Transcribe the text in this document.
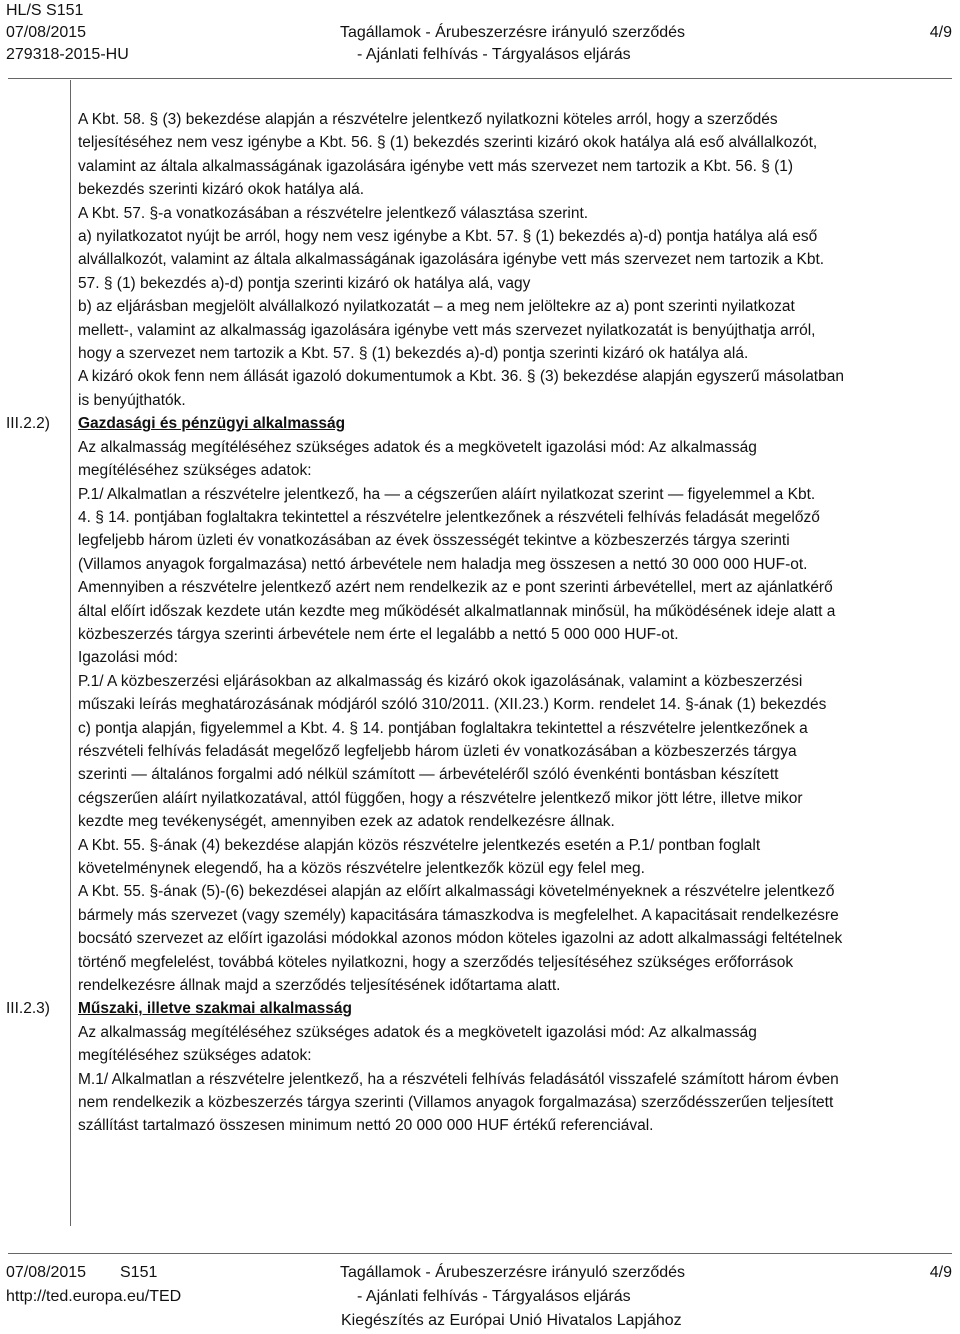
HL/S S151
07/08/2015
279318-2015-HU
Tagállamok - Árubeszerzésre irányuló szerződés
- Ajánlati felhívás - Tárgyalásos eljárás
4/9
III.2.2)
III.2.3)

A Kbt. 58. § (3) bekezdése alapján a részvételre jelentkező nyilatkozni köteles arról, hogy a szerződés

teljesítéséhez nem vesz igénybe a Kbt. 56. § (1) bekezdés szerinti kizáró okok hatálya alá eső alvállalkozót,

valamint az általa alkalmasságának igazolására igénybe vett más szervezet nem tartozik a Kbt. 56. § (1)

bekezdés szerinti kizáró okok hatálya alá.

A Kbt. 57. §-a vonatkozásában a részvételre jelentkező választása szerint.

a) nyilatkozatot nyújt be arról, hogy nem vesz igénybe a Kbt. 57. § (1) bekezdés a)-d) pontja hatálya alá eső

alvállalkozót, valamint az általa alkalmasságának igazolására igénybe vett más szervezet nem tartozik a Kbt.

57. § (1) bekezdés a)-d) pontja szerinti kizáró ok hatálya alá, vagy

b) az eljárásban megjelölt alvállalkozó nyilatkozatát – a meg nem jelöltekre az a) pont szerinti nyilatkozat

mellett-, valamint az alkalmasság igazolására igénybe vett más szervezet nyilatkozatát is benyújthatja arról,

hogy a szervezet nem tartozik a Kbt. 57. § (1) bekezdés a)-d) pontja szerinti kizáró ok hatálya alá.

A kizáró okok fenn nem állását igazoló dokumentumok a Kbt. 36. § (3) bekezdése alapján egyszerű másolatban

is benyújthatók.

Gazdasági és pénzügyi alkalmasság

Az alkalmasság megítéléséhez szükséges adatok és a megkövetelt igazolási mód: Az alkalmasság

megítéléséhez szükséges adatok:

P.1/ Alkalmatlan a részvételre jelentkező, ha — a cégszerűen aláírt nyilatkozat szerint — figyelemmel a Kbt.

4. § 14. pontjában foglaltakra tekintettel a részvételre jelentkezőnek a részvételi felhívás feladását megelőző

legfeljebb három üzleti év vonatkozásában az évek összességét tekintve a közbeszerzés tárgya szerinti

(Villamos anyagok forgalmazása) nettó árbevétele nem haladja meg összesen a nettó 30 000 000 HUF-ot.

Amennyiben a részvételre jelentkező azért nem rendelkezik az e pont szerinti árbevétellel, mert az ajánlatkérő

által előírt időszak kezdete után kezdte meg működését alkalmatlannak minősül, ha működésének ideje alatt a

közbeszerzés tárgya szerinti árbevétele nem érte el legalább a nettó 5 000 000 HUF-ot.

Igazolási mód:

P.1/ A közbeszerzési eljárásokban az alkalmasság és kizáró okok igazolásának, valamint a közbeszerzési

műszaki leírás meghatározásának módjáról szóló 310/2011. (XII.23.) Korm. rendelet 14. §-ának (1) bekezdés

c) pontja alapján, figyelemmel a Kbt. 4. § 14. pontjában foglaltakra tekintettel a részvételre jelentkezőnek a

részvételi felhívás feladását megelőző legfeljebb három üzleti év vonatkozásában a közbeszerzés tárgya

szerinti — általános forgalmi adó nélkül számított — árbevételéről szóló évenkénti bontásban készített

cégszerűen aláírt nyilatkozatával, attól függően, hogy a részvételre jelentkező mikor jött létre, illetve mikor

kezdte meg tevékenységét, amennyiben ezek az adatok rendelkezésre állnak.

A Kbt. 55. §-ának (4) bekezdése alapján közös részvételre jelentkezés esetén a P.1/ pontban foglalt

követelménynek elegendő, ha a közös részvételre jelentkezők közül egy felel meg.

A Kbt. 55. §-ának (5)-(6) bekezdései alapján az előírt alkalmassági követelményeknek a részvételre jelentkező

bármely más szervezet (vagy személy) kapacitására támaszkodva is megfelelhet. A kapacitásait rendelkezésre

bocsátó szervezet az előírt igazolási módokkal azonos módon köteles igazolni az adott alkalmassági feltételnek

történő megfelelést, továbbá köteles nyilatkozni, hogy a szerződés teljesítéséhez szükséges erőforrások

rendelkezésre állnak majd a szerződés teljesítésének időtartama alatt.

Műszaki, illetve szakmai alkalmasság

Az alkalmasság megítéléséhez szükséges adatok és a megkövetelt igazolási mód: Az alkalmasság

megítéléséhez szükséges adatok:

M.1/ Alkalmatlan a részvételre jelentkező, ha a részvételi felhívás feladásától visszafelé számított három évben

nem rendelkezik a közbeszerzés tárgya szerinti (Villamos anyagok forgalmazása) szerződésszerűen teljesített

szállítást tartalmazó összesen minimum nettó 20 000 000 HUF értékű referenciával.

07/08/2015 S151
http://ted.europa.eu/TED
Tagállamok - Árubeszerzésre irányuló szerződés
- Ajánlati felhívás - Tárgyalásos eljárás
Kiegészítés az Európai Unió Hivatalos Lapjához
4/9
